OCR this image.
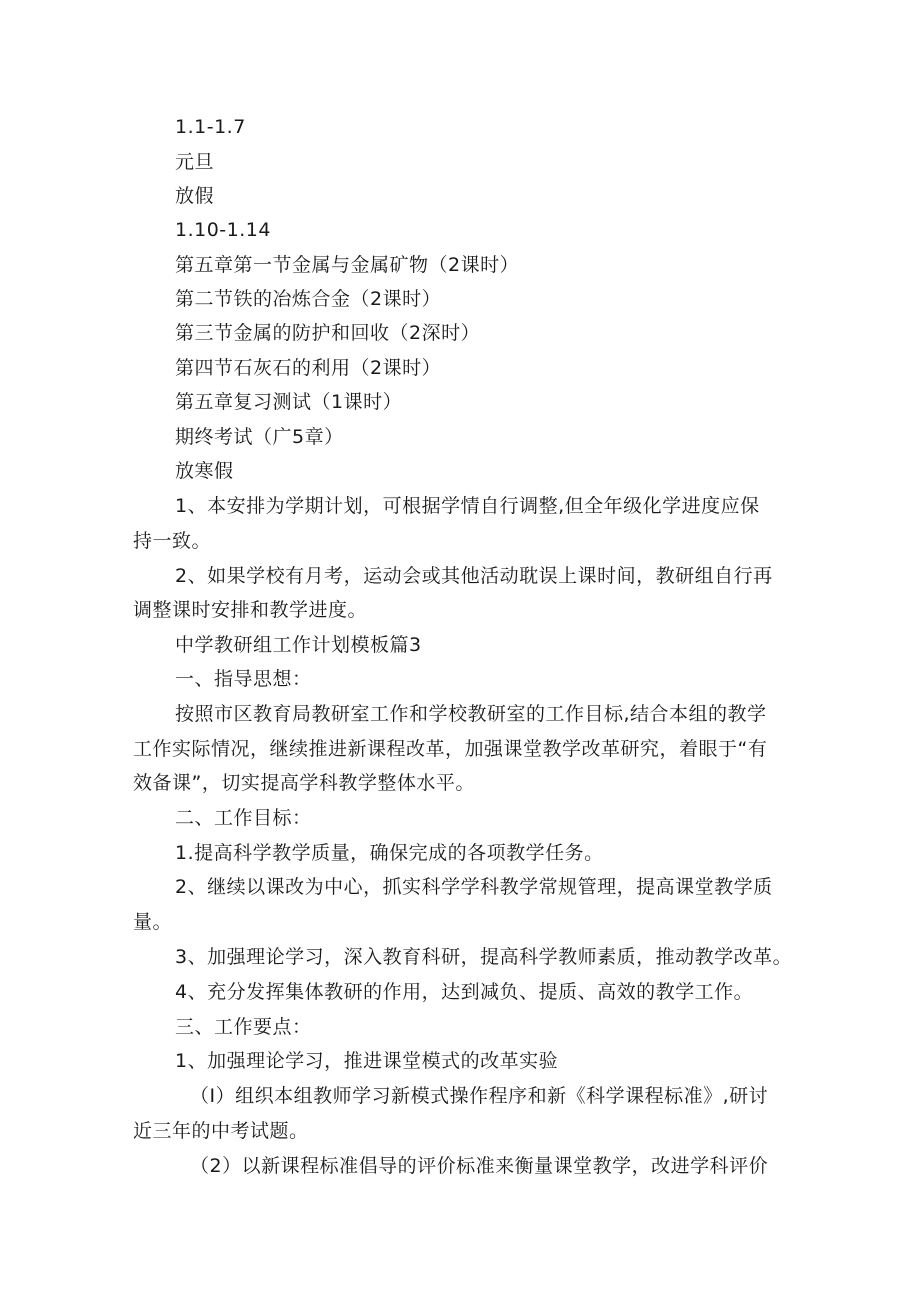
1.1-1.7
元旦
放假
1.10-1.14
第五章第一节金属与金属矿物（2课时）
第二节铁的冶炼合金（2课时）
第三节金属的防护和回收（2深时）
第四节石灰石的利用（2课时）
第五章复习测试（1课时）
期终考试（广5章）
放寒假
1、本安排为学期计划，可根据学情自行调整,但全年级化学进度应保
持一致。
2、如果学校有月考，运动会或其他活动耽误上课时间，教研组自行再
调整课时安排和教学进度。
中学教研组工作计划模板篇3
一、指导思想：
按照市区教育局教研室工作和学校教研室的工作目标,结合本组的教学
工作实际情况，继续推进新课程改革，加强课堂教学改革研究，着眼于“有
效备课”，切实提高学科教学整体水平。
二、工作目标：
1.提高科学教学质量，确保完成的各项教学任务。
2、继续以课改为中心，抓实科学学科教学常规管理，提高课堂教学质
量。
3、加强理论学习，深入教育科研，提高科学教师素质，推动教学改革。
4、充分发挥集体教研的作用，达到减负、提质、高效的教学工作。
三、工作要点：
1、加强理论学习，推进课堂模式的改革实验
（I）组织本组教师学习新模式操作程序和新《科学课程标准》,研讨
近三年的中考试题。
（2）以新课程标准倡导的评价标准来衡量课堂教学，改进学科评价
